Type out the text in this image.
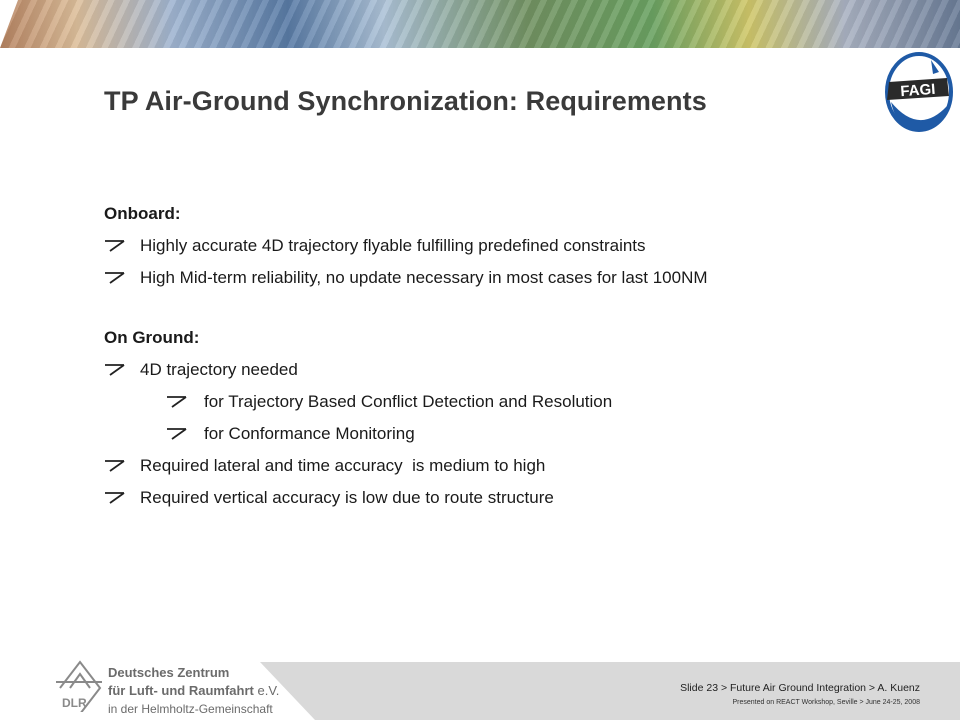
FAGI
TP Air-Ground Synchronization: Requirements
Onboard:
Highly accurate 4D trajectory flyable fulfilling predefined constraints
High Mid-term reliability, no update necessary in most cases for last 100NM
On Ground:
4D trajectory needed
for Trajectory Based Conflict Detection and Resolution
for Conformance Monitoring
Required lateral and time accuracy  is medium to high
Required vertical accuracy is low due to route structure
DLR
Deutsches Zentrum
für Luft- und Raumfahrt e.V.
in der Helmholtz-Gemeinschaft
Slide 23 > Future Air Ground Integration > A. Kuenz
Presented on REACT Workshop, Seville > June 24-25, 2008
